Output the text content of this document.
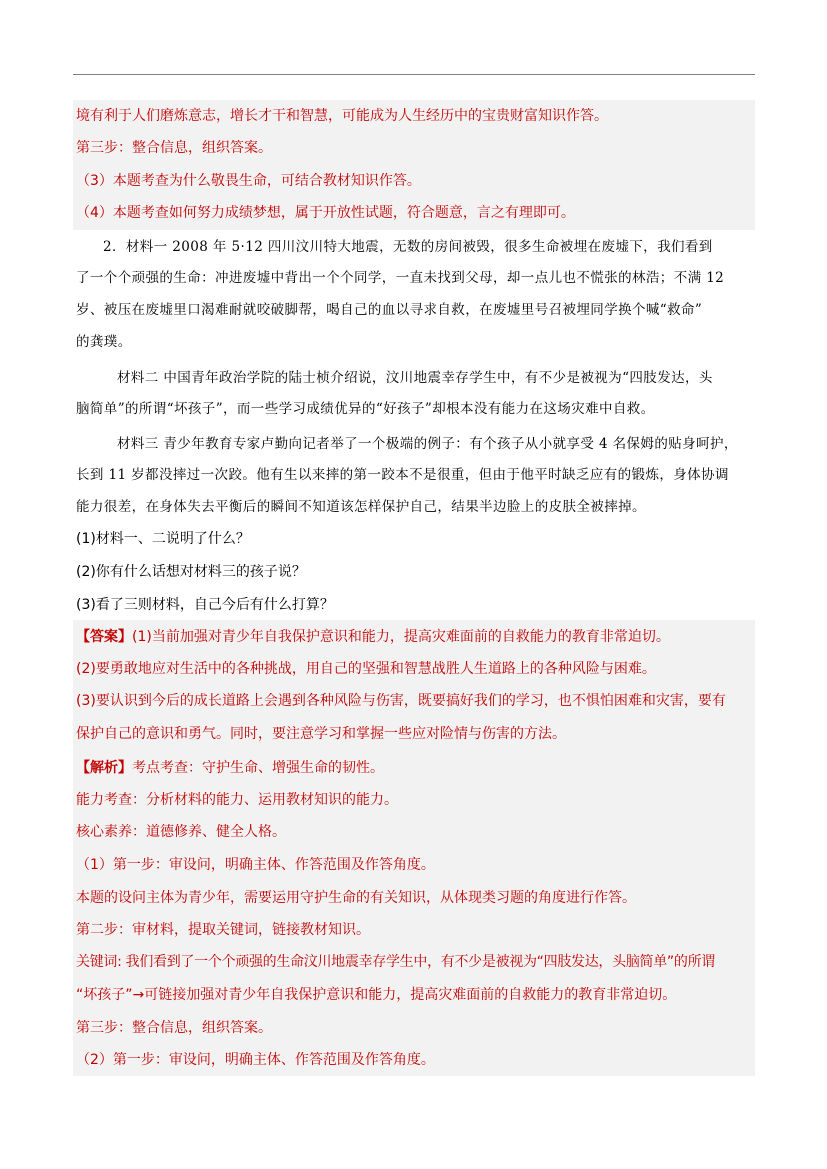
境有利于人们磨炼意志，增长才干和智慧，可能成为人生经历中的宝贵财富知识作答。
第三步：整合信息，组织答案。
（3）本题考查为什么敬畏生命，可结合教材知识作答。
（4）本题考查如何努力成绩梦想，属于开放性试题，符合题意，言之有理即可。
2．材料一 2008 年 5·12 四川汶川特大地震，无数的房间被毁，很多生命被埋在废墟下，我们看到
了一个个顽强的生命：冲进废墟中背出一个个同学，一直未找到父母，却一点儿也不慌张的林浩；不满 12
岁、被压在废墟里口渴难耐就咬破脚帮，喝自己的血以寻求自救，在废墟里号召被埋同学换个喊“救命”
的龚璞。
材料二 中国青年政治学院的陆士桢介绍说，汶川地震幸存学生中，有不少是被视为“四肢发达，头
脑简单”的所谓“坏孩子”，而一些学习成绩优异的“好孩子”却根本没有能力在这场灾难中自救。
材料三 青少年教育专家卢勤向记者举了一个极端的例子：有个孩子从小就享受 4 名保姆的贴身呵护，
长到 11 岁都没摔过一次跤。他有生以来摔的第一跤本不是很重，但由于他平时缺乏应有的锻炼，身体协调
能力很差，在身体失去平衡后的瞬间不知道该怎样保护自己，结果半边脸上的皮肤全被摔掉。
(1)材料一、二说明了什么？
(2)你有什么话想对材料三的孩子说？
(3)看了三则材料，自己今后有什么打算？
【答案】(1)当前加强对青少年自我保护意识和能力，提高灾难面前的自救能力的教育非常迫切。
(2)要勇敢地应对生活中的各种挑战，用自己的坚强和智慧战胜人生道路上的各种风险与困难。
(3)要认识到今后的成长道路上会遇到各种风险与伤害，既要搞好我们的学习，也不惧怕困难和灾害，要有
保护自己的意识和勇气。同时，要注意学习和掌握一些应对险情与伤害的方法。
【解析】考点考查：守护生命、增强生命的韧性。
能力考查：分析材料的能力、运用教材知识的能力。
核心素养：道德修养、健全人格。
（1）第一步：审设问，明确主体、作答范围及作答角度。
本题的设问主体为青少年，需要运用守护生命的有关知识，从体现类习题的角度进行作答。
第二步：审材料，提取关键词，链接教材知识。
关键词: 我们看到了一个个顽强的生命汶川地震幸存学生中，有不少是被视为“四肢发达，头脑简单”的所谓
“坏孩子”→可链接加强对青少年自我保护意识和能力，提高灾难面前的自救能力的教育非常迫切。
第三步：整合信息，组织答案。
（2）第一步：审设问，明确主体、作答范围及作答角度。
